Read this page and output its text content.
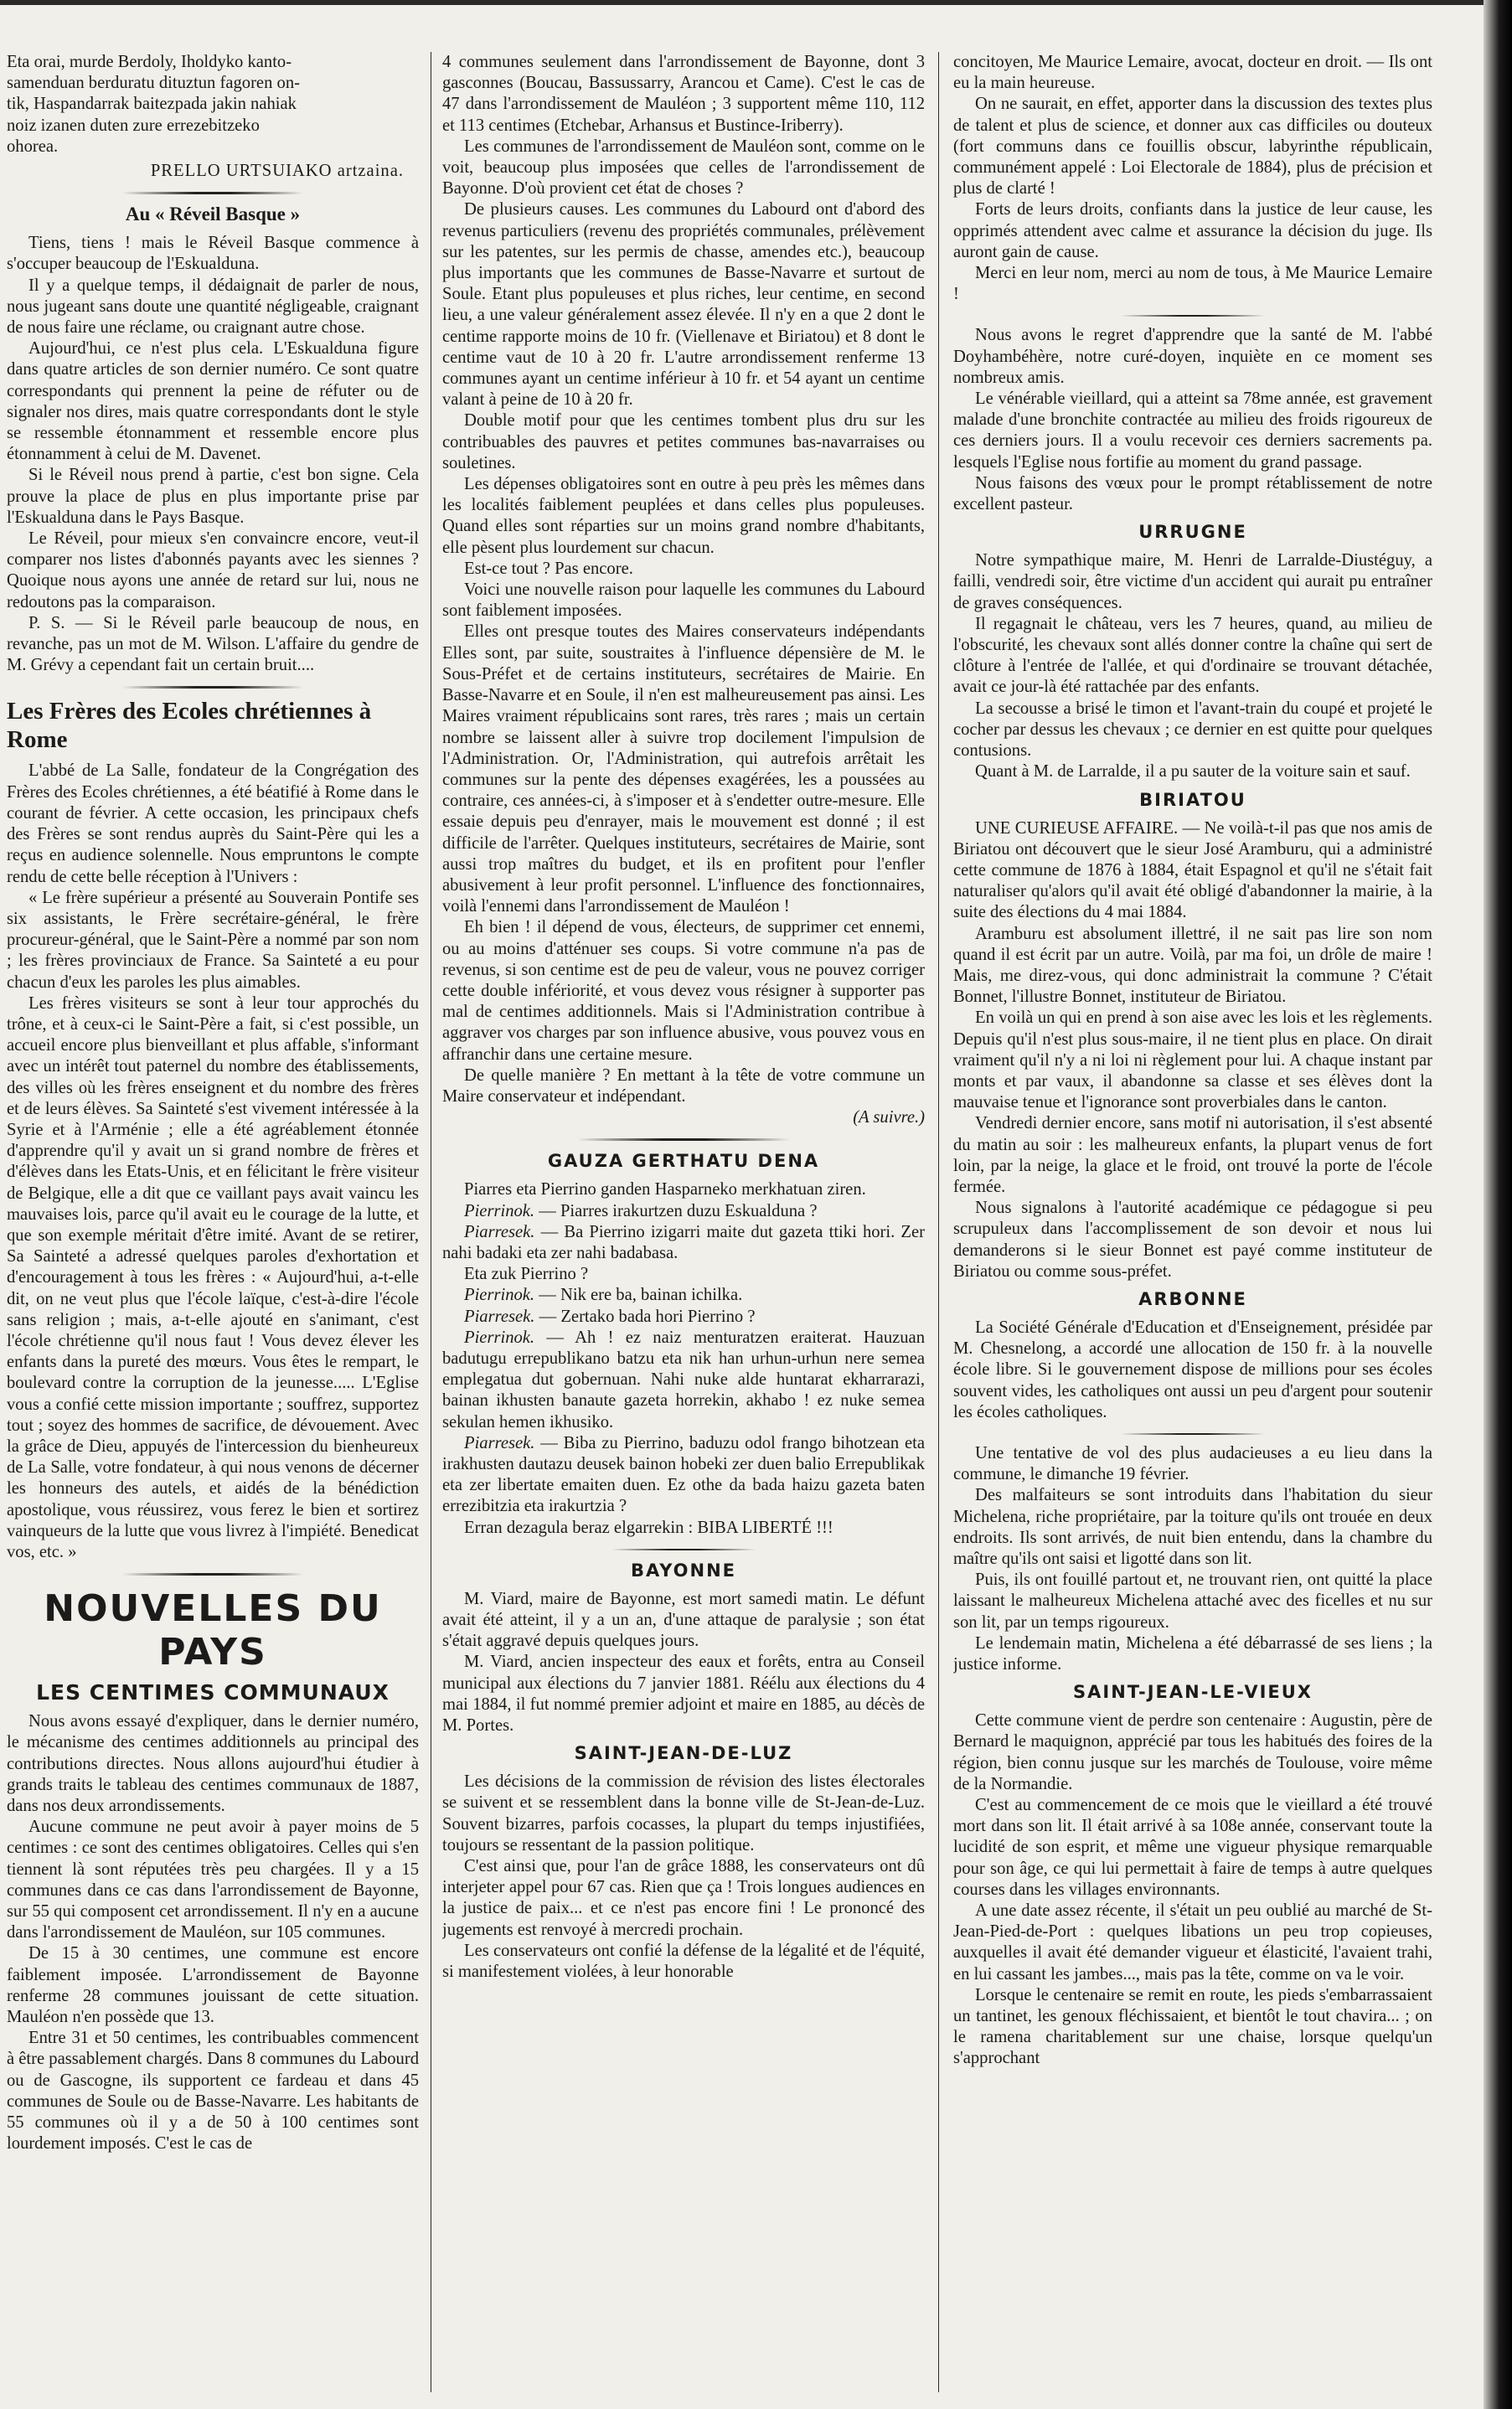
Eta orai, murde Berdoly, Iholdyko kanto-

samenduan berduratu dituztun fagoren on-

tik, Haspandarrak baitezpada jakin nahiak

noiz izanen duten zure errezebitzeko

ohorea.

PRELLO URTSUIAKO artzaina.

Au « Réveil Basque »

Tiens, tiens ! mais le Réveil Basque commence à s'occuper beaucoup de l'Eskualduna.

Il y a quelque temps, il dédaignait de parler de nous, nous jugeant sans doute une quantité négligeable, craignant de nous faire une réclame, ou craignant autre chose.

Aujourd'hui, ce n'est plus cela. L'Eskualduna figure dans quatre articles de son dernier numéro. Ce sont quatre correspondants qui prennent la peine de réfuter ou de signaler nos dires, mais quatre correspondants dont le style se ressemble étonnamment et ressemble encore plus étonnamment à celui de M. Davenet.

Si le Réveil nous prend à partie, c'est bon signe. Cela prouve la place de plus en plus importante prise par l'Eskualduna dans le Pays Basque.

Le Réveil, pour mieux s'en convaincre encore, veut-il comparer nos listes d'abonnés payants avec les siennes ? Quoique nous ayons une année de retard sur lui, nous ne redoutons pas la comparaison.

P. S. — Si le Réveil parle beaucoup de nous, en revanche, pas un mot de M. Wilson. L'affaire du gendre de M. Grévy a cependant fait un certain bruit....

Les Frères des Ecoles chrétiennes à Rome

L'abbé de La Salle, fondateur de la Congrégation des Frères des Ecoles chrétiennes, a été béatifié à Rome dans le courant de février. A cette occasion, les principaux chefs des Frères se sont rendus auprès du Saint-Père qui les a reçus en audience solennelle. Nous empruntons le compte rendu de cette belle réception à l'Univers :

« Le frère supérieur a présenté au Souverain Pontife ses six assistants, le Frère secrétaire-général, le frère procureur-général, que le Saint-Père a nommé par son nom ; les frères provinciaux de France. Sa Sainteté a eu pour chacun d'eux les paroles les plus aimables.

Les frères visiteurs se sont à leur tour approchés du trône, et à ceux-ci le Saint-Père a fait, si c'est possible, un accueil encore plus bienveillant et plus affable, s'informant avec un intérêt tout paternel du nombre des établissements, des villes où les frères enseignent et du nombre des frères et de leurs élèves. Sa Sainteté s'est vivement intéressée à la Syrie et à l'Arménie ; elle a été agréablement étonnée d'apprendre qu'il y avait un si grand nombre de frères et d'élèves dans les Etats-Unis, et en félicitant le frère visiteur de Belgique, elle a dit que ce vaillant pays avait vaincu les mauvaises lois, parce qu'il avait eu le courage de la lutte, et que son exemple méritait d'être imité. Avant de se retirer, Sa Sainteté a adressé quelques paroles d'exhortation et d'encouragement à tous les frères : « Aujourd'hui, a-t-elle dit, on ne veut plus que l'école laïque, c'est-à-dire l'école sans religion ; mais, a-t-elle ajouté en s'animant, c'est l'école chrétienne qu'il nous faut ! Vous devez élever les enfants dans la pureté des mœurs. Vous êtes le rempart, le boulevard contre la corruption de la jeunesse..... L'Eglise vous a confié cette mission importante ; souffrez, supportez tout ; soyez des hommes de sacrifice, de dévouement. Avec la grâce de Dieu, appuyés de l'intercession du bienheureux de La Salle, votre fondateur, à qui nous venons de décerner les honneurs des autels, et aidés de la bénédiction apostolique, vous réussirez, vous ferez le bien et sortirez vainqueurs de la lutte que vous livrez à l'impiété. Benedicat vos, etc. »

NOUVELLES DU PAYS
LES CENTIMES COMMUNAUX

Nous avons essayé d'expliquer, dans le dernier numéro, le mécanisme des centimes additionnels au principal des contributions directes. Nous allons aujourd'hui étudier à grands traits le tableau des centimes communaux de 1887, dans nos deux arrondissements.

Aucune commune ne peut avoir à payer moins de 5 centimes : ce sont des centimes obligatoires. Celles qui s'en tiennent là sont réputées très peu chargées. Il y a 15 communes dans ce cas dans l'arrondissement de Bayonne, sur 55 qui composent cet arrondissement. Il n'y en a aucune dans l'arrondissement de Mauléon, sur 105 communes.

De 15 à 30 centimes, une commune est encore faiblement imposée. L'arrondissement de Bayonne renferme 28 communes jouissant de cette situation. Mauléon n'en possède que 13.

Entre 31 et 50 centimes, les contribuables commencent à être passablement chargés. Dans 8 communes du Labourd ou de Gascogne, ils supportent ce fardeau et dans 45 communes de Soule ou de Basse-Navarre. Les habitants de 55 communes où il y a de 50 à 100 centimes sont lourdement imposés. C'est le cas de

4 communes seulement dans l'arrondissement de Bayonne, dont 3 gasconnes (Boucau, Bassussarry, Arancou et Came). C'est le cas de 47 dans l'arrondissement de Mauléon ; 3 supportent même 110, 112 et 113 centimes (Etchebar, Arhansus et Bustince-Iriberry).

Les communes de l'arrondissement de Mauléon sont, comme on le voit, beaucoup plus imposées que celles de l'arrondissement de Bayonne. D'où provient cet état de choses ?

De plusieurs causes. Les communes du Labourd ont d'abord des revenus particuliers (revenu des propriétés communales, prélèvement sur les patentes, sur les permis de chasse, amendes etc.), beaucoup plus importants que les communes de Basse-Navarre et surtout de Soule. Etant plus populeuses et plus riches, leur centime, en second lieu, a une valeur généralement assez élevée. Il n'y en a que 2 dont le centime rapporte moins de 10 fr. (Viellenave et Biriatou) et 8 dont le centime vaut de 10 à 20 fr. L'autre arrondissement renferme 13 communes ayant un centime inférieur à 10 fr. et 54 ayant un centime valant à peine de 10 à 20 fr.

Double motif pour que les centimes tombent plus dru sur les contribuables des pauvres et petites communes bas-navarraises ou souletines.

Les dépenses obligatoires sont en outre à peu près les mêmes dans les localités faiblement peuplées et dans celles plus populeuses. Quand elles sont réparties sur un moins grand nombre d'habitants, elle pèsent plus lourdement sur chacun.

Est-ce tout ? Pas encore.

Voici une nouvelle raison pour laquelle les communes du Labourd sont faiblement imposées.

Elles ont presque toutes des Maires conservateurs indépendants Elles sont, par suite, soustraites à l'influence dépensière de M. le Sous-Préfet et de certains instituteurs, secrétaires de Mairie. En Basse-Navarre et en Soule, il n'en est malheureusement pas ainsi. Les Maires vraiment républicains sont rares, très rares ; mais un certain nombre se laissent aller à suivre trop docilement l'impulsion de l'Administration. Or, l'Administration, qui autrefois arrêtait les communes sur la pente des dépenses exagérées, les a poussées au contraire, ces années-ci, à s'imposer et à s'endetter outre-mesure. Elle essaie depuis peu d'enrayer, mais le mouvement est donné ; il est difficile de l'arrêter. Quelques instituteurs, secrétaires de Mairie, sont aussi trop maîtres du budget, et ils en profitent pour l'enfler abusivement à leur profit personnel. L'influence des fonctionnaires, voilà l'ennemi dans l'arrondissement de Mauléon !

Eh bien ! il dépend de vous, électeurs, de supprimer cet ennemi, ou au moins d'atténuer ses coups. Si votre commune n'a pas de revenus, si son centime est de peu de valeur, vous ne pouvez corriger cette double infériorité, et vous devez vous résigner à supporter pas mal de centimes additionnels. Mais si l'Administration contribue à aggraver vos charges par son influence abusive, vous pouvez vous en affranchir dans une certaine mesure.

De quelle manière ? En mettant à la tête de votre commune un Maire conservateur et indépendant.

(A suivre.)

GAUZA GERTHATU DENA

Piarres eta Pierrino ganden Hasparneko merkhatuan ziren.

Pierrinok. — Piarres irakurtzen duzu Eskualduna ?

Piarresek. — Ba Pierrino izigarri maite dut gazeta ttiki hori. Zer nahi badaki eta zer nahi badabasa.

Eta zuk Pierrino ?

Pierrinok. — Nik ere ba, bainan ichilka.

Piarresek. — Zertako bada hori Pierrino ?

Pierrinok. — Ah ! ez naiz menturatzen eraiterat. Hauzuan badutugu errepublikano batzu eta nik han urhun-urhun nere semea emplegatua dut gobernuan. Nahi nuke alde huntarat ekharrarazi, bainan ikhusten banaute gazeta horrekin, akhabo ! ez nuke semea sekulan hemen ikhusiko.

Piarresek. — Biba zu Pierrino, baduzu odol frango bihotzean eta irakhusten dautazu deusek bainon hobeki zer duen balio Errepublikak eta zer libertate emaiten duen. Ez othe da bada haizu gazeta baten errezibitzia eta irakurtzia ?

Erran dezagula beraz elgarrekin : BIBA LIBERTÉ !!!

BAYONNE

M. Viard, maire de Bayonne, est mort samedi matin. Le défunt avait été atteint, il y a un an, d'une attaque de paralysie ; son état s'était aggravé depuis quelques jours.

M. Viard, ancien inspecteur des eaux et forêts, entra au Conseil municipal aux élections du 7 janvier 1881. Réélu aux élections du 4 mai 1884, il fut nommé premier adjoint et maire en 1885, au décès de M. Portes.

SAINT-JEAN-DE-LUZ

Les décisions de la commission de révision des listes électorales se suivent et se ressemblent dans la bonne ville de St-Jean-de-Luz. Souvent bizarres, parfois cocasses, la plupart du temps injustifiées, toujours se ressentant de la passion politique.

C'est ainsi que, pour l'an de grâce 1888, les conservateurs ont dû interjeter appel pour 67 cas. Rien que ça ! Trois longues audiences en la justice de paix... et ce n'est pas encore fini ! Le prononcé des jugements est renvoyé à mercredi prochain.

Les conservateurs ont confié la défense de la légalité et de l'équité, si manifestement violées, à leur honorable

concitoyen, Me Maurice Lemaire, avocat, docteur en droit. — Ils ont eu la main heureuse.

On ne saurait, en effet, apporter dans la discussion des textes plus de talent et plus de science, et donner aux cas difficiles ou douteux (fort communs dans ce fouillis obscur, labyrinthe républicain, communément appelé : Loi Electorale de 1884), plus de précision et plus de clarté !

Forts de leurs droits, confiants dans la justice de leur cause, les opprimés attendent avec calme et assurance la décision du juge. Ils auront gain de cause.

Merci en leur nom, merci au nom de tous, à Me Maurice Lemaire !

Nous avons le regret d'apprendre que la santé de M. l'abbé Doyhambéhère, notre curé-doyen, inquiète en ce moment ses nombreux amis.

Le vénérable vieillard, qui a atteint sa 78me année, est gravement malade d'une bronchite contractée au milieu des froids rigoureux de ces derniers jours. Il a voulu recevoir ces derniers sacrements pa. lesquels l'Eglise nous fortifie au moment du grand passage.

Nous faisons des vœux pour le prompt rétablissement de notre excellent pasteur.

URRUGNE

Notre sympathique maire, M. Henri de Larralde-Diustéguy, a failli, vendredi soir, être victime d'un accident qui aurait pu entraîner de graves conséquences.

Il regagnait le château, vers les 7 heures, quand, au milieu de l'obscurité, les chevaux sont allés donner contre la chaîne qui sert de clôture à l'entrée de l'allée, et qui d'ordinaire se trouvant détachée, avait ce jour-là été rattachée par des enfants.

La secousse a brisé le timon et l'avant-train du coupé et projeté le cocher par dessus les chevaux ; ce dernier en est quitte pour quelques contusions.

Quant à M. de Larralde, il a pu sauter de la voiture sain et sauf.

BIRIATOU

UNE CURIEUSE AFFAIRE. — Ne voilà-t-il pas que nos amis de Biriatou ont découvert que le sieur José Aramburu, qui a administré cette commune de 1876 à 1884, était Espagnol et qu'il ne s'était fait naturaliser qu'alors qu'il avait été obligé d'abandonner la mairie, à la suite des élections du 4 mai 1884.

Aramburu est absolument illettré, il ne sait pas lire son nom quand il est écrit par un autre. Voilà, par ma foi, un drôle de maire ! Mais, me direz-vous, qui donc administrait la commune ? C'était Bonnet, l'illustre Bonnet, instituteur de Biriatou.

En voilà un qui en prend à son aise avec les lois et les règlements. Depuis qu'il n'est plus sous-maire, il ne tient plus en place. On dirait vraiment qu'il n'y a ni loi ni règlement pour lui. A chaque instant par monts et par vaux, il abandonne sa classe et ses élèves dont la mauvaise tenue et l'ignorance sont proverbiales dans le canton.

Vendredi dernier encore, sans motif ni autorisation, il s'est absenté du matin au soir : les malheureux enfants, la plupart venus de fort loin, par la neige, la glace et le froid, ont trouvé la porte de l'école fermée.

Nous signalons à l'autorité académique ce pédagogue si peu scrupuleux dans l'accomplissement de son devoir et nous lui demanderons si le sieur Bonnet est payé comme instituteur de Biriatou ou comme sous-préfet.

ARBONNE

La Société Générale d'Education et d'Enseignement, présidée par M. Chesnelong, a accordé une allocation de 150 fr. à la nouvelle école libre. Si le gouvernement dispose de millions pour ses écoles souvent vides, les catholiques ont aussi un peu d'argent pour soutenir les écoles catholiques.

Une tentative de vol des plus audacieuses a eu lieu dans la commune, le dimanche 19 février.

Des malfaiteurs se sont introduits dans l'habitation du sieur Michelena, riche propriétaire, par la toiture qu'ils ont trouée en deux endroits. Ils sont arrivés, de nuit bien entendu, dans la chambre du maître qu'ils ont saisi et ligotté dans son lit.

Puis, ils ont fouillé partout et, ne trouvant rien, ont quitté la place laissant le malheureux Michelena attaché avec des ficelles et nu sur son lit, par un temps rigoureux.

Le lendemain matin, Michelena a été débarrassé de ses liens ; la justice informe.

SAINT-JEAN-LE-VIEUX

Cette commune vient de perdre son centenaire : Augustin, père de Bernard le maquignon, apprécié par tous les habitués des foires de la région, bien connu jusque sur les marchés de Toulouse, voire même de la Normandie.

C'est au commencement de ce mois que le vieillard a été trouvé mort dans son lit. Il était arrivé à sa 108e année, conservant toute la lucidité de son esprit, et même une vigueur physique remarquable pour son âge, ce qui lui permettait à faire de temps à autre quelques courses dans les villages environnants.

A une date assez récente, il s'était un peu oublié au marché de St-Jean-Pied-de-Port : quelques libations un peu trop copieuses, auxquelles il avait été demander vigueur et élasticité, l'avaient trahi, en lui cassant les jambes..., mais pas la tête, comme on va le voir.

Lorsque le centenaire se remit en route, les pieds s'embarrassaient un tantinet, les genoux fléchissaient, et bientôt le tout chavira... ; on le ramena charitablement sur une chaise, lorsque quelqu'un s'approchant
